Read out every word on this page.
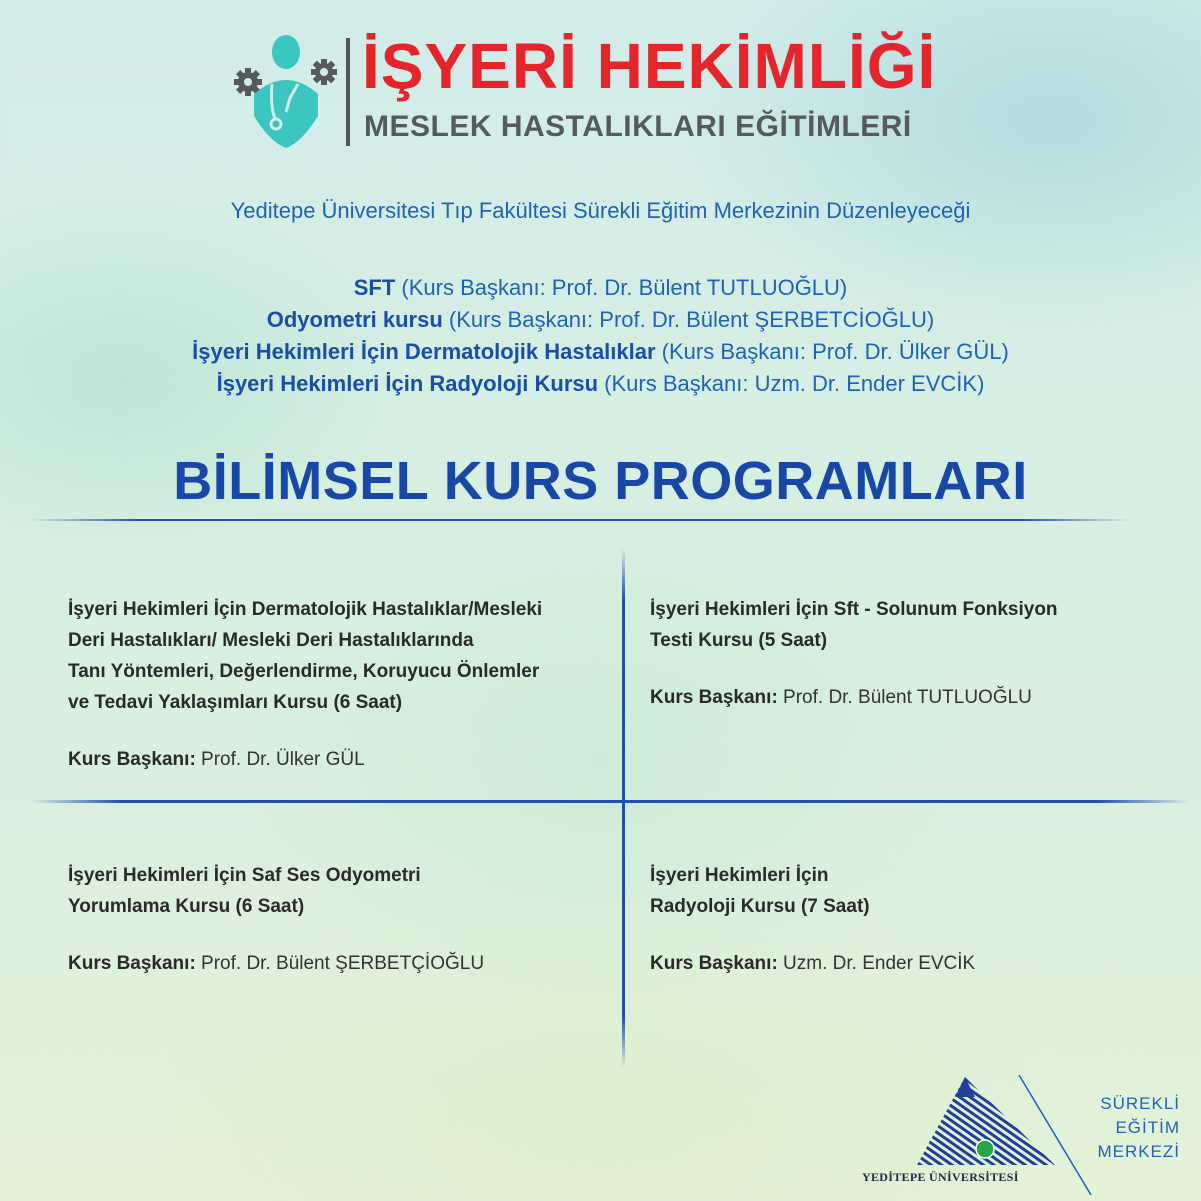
İŞYERİ HEKİMLİĞİ
MESLEK HASTALIKLARI EĞİTİMLERİ
Yeditepe Üniversitesi Tıp Fakültesi Sürekli Eğitim Merkezinin Düzenleyeceği
SFT (Kurs Başkanı: Prof. Dr. Bülent TUTLUOĞLU)
Odyometri kursu (Kurs Başkanı: Prof. Dr. Bülent ŞERBETCİOĞLU)
İşyeri Hekimleri İçin Dermatolojik Hastalıklar (Kurs Başkanı: Prof. Dr. Ülker GÜL)
İşyeri Hekimleri İçin Radyoloji Kursu (Kurs Başkanı: Uzm. Dr. Ender EVCİK)
BİLİMSEL KURS PROGRAMLARI
İşyeri Hekimleri İçin Dermatolojik Hastalıklar/Mesleki
Deri Hastalıkları/ Mesleki Deri Hastalıklarında
Tanı Yöntemleri, Değerlendirme, Koruyucu Önlemler
ve Tedavi Yaklaşımları Kursu (6 Saat)
Kurs Başkanı: Prof. Dr. Ülker GÜL
İşyeri Hekimleri İçin Sft - Solunum Fonksiyon
Testi Kursu (5 Saat)
Kurs Başkanı: Prof. Dr. Bülent TUTLUOĞLU
İşyeri Hekimleri İçin Saf Ses Odyometri
Yorumlama Kursu (6 Saat)
Kurs Başkanı: Prof. Dr. Bülent ŞERBETÇİOĞLU
İşyeri Hekimleri İçin
Radyoloji Kursu (7 Saat)
Kurs Başkanı: Uzm. Dr. Ender EVCİK
YEDİTEPE ÜNİVERSİTESİ
SÜREKLİ
EĞİTİM
MERKEZİ
